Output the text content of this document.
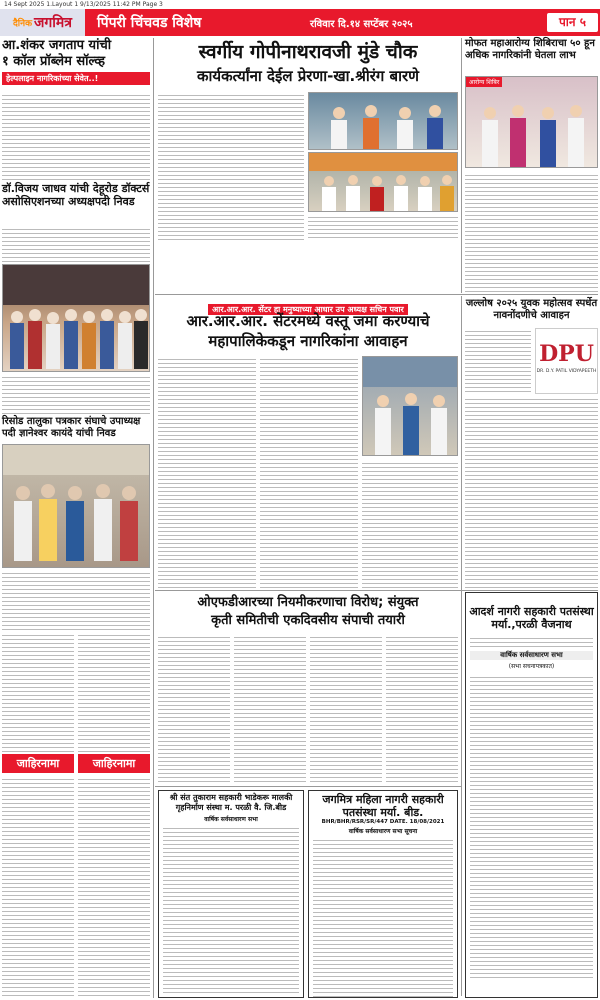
14 Sept 2025 1.Layout 1 9/13/2025 11:42 PM Page 3
दैनिक जगमित्र	पिंपरी चिंचवड विशेष	रविवार दि.१४ सप्टेंबर २०२५	पान ५
आ.शंकर जगताप यांची
१ कॉल प्रॉब्लेम सॉल्व्ह
हेल्पलाइन नागरिकांच्या सेवेत..!
डॉ.विजय जाधव यांची देहूरोड डॉक्टर्स असोसिएशनच्या अध्यक्षपदी निवड
रिसोड तालुका पत्रकार संघाचे उपाध्यक्ष पदी ज्ञानेश्वर कायंदे यांची निवड
जाहिरनामा	जाहिरनामा
स्वर्गीय गोपीनाथरावजी मुंडे चौक
कार्यकर्त्यांना देईल प्रेरणा-खा.श्रीरंग बारणे
मोफत महाआरोग्य शिबिराचा ५० हून अधिक नागरिकांनी घेतला लाभ
आरोग्य शिबिर
आर.आर.आर. सेंटर हा मनुष्याच्या आधार उप अध्यक्ष सचिन पवार
आर.आर.आर. सेंटरमध्ये वस्तू जमा करण्याचे
महापालिकेकडून नागरिकांना आवाहन
जल्लोष २०२५ युवक महोत्सव स्पर्धेत नावनोंदणीचे आवाहन
DPU
DR. D.Y. PATIL VIDYAPEETH
ओएफडीआरच्या नियमीकरणाचा विरोध; संयुक्त
कृती समितीची एकदिवसीय संपाची तयारी
आदर्श नागरी सहकारी पतसंस्था मर्या.,परळी वैजनाथ
वार्षिक सर्वसाधारण सभा
(सभा सचनापत्रकात)
श्री संत तुकाराम सहकारी भाडेकरू मालकी
गृहनिर्माण संस्था म. परळी वै. जि.बीड
वार्षिक सर्वसाधारण सभा
जगमित्र महिला नागरी सहकारी
पतसंस्था मर्या. बीड.
BHR/BHR/RSR/SR/447 DATE. 18/08/2021
वार्षिक सर्वसाधारण सभा सूचना
